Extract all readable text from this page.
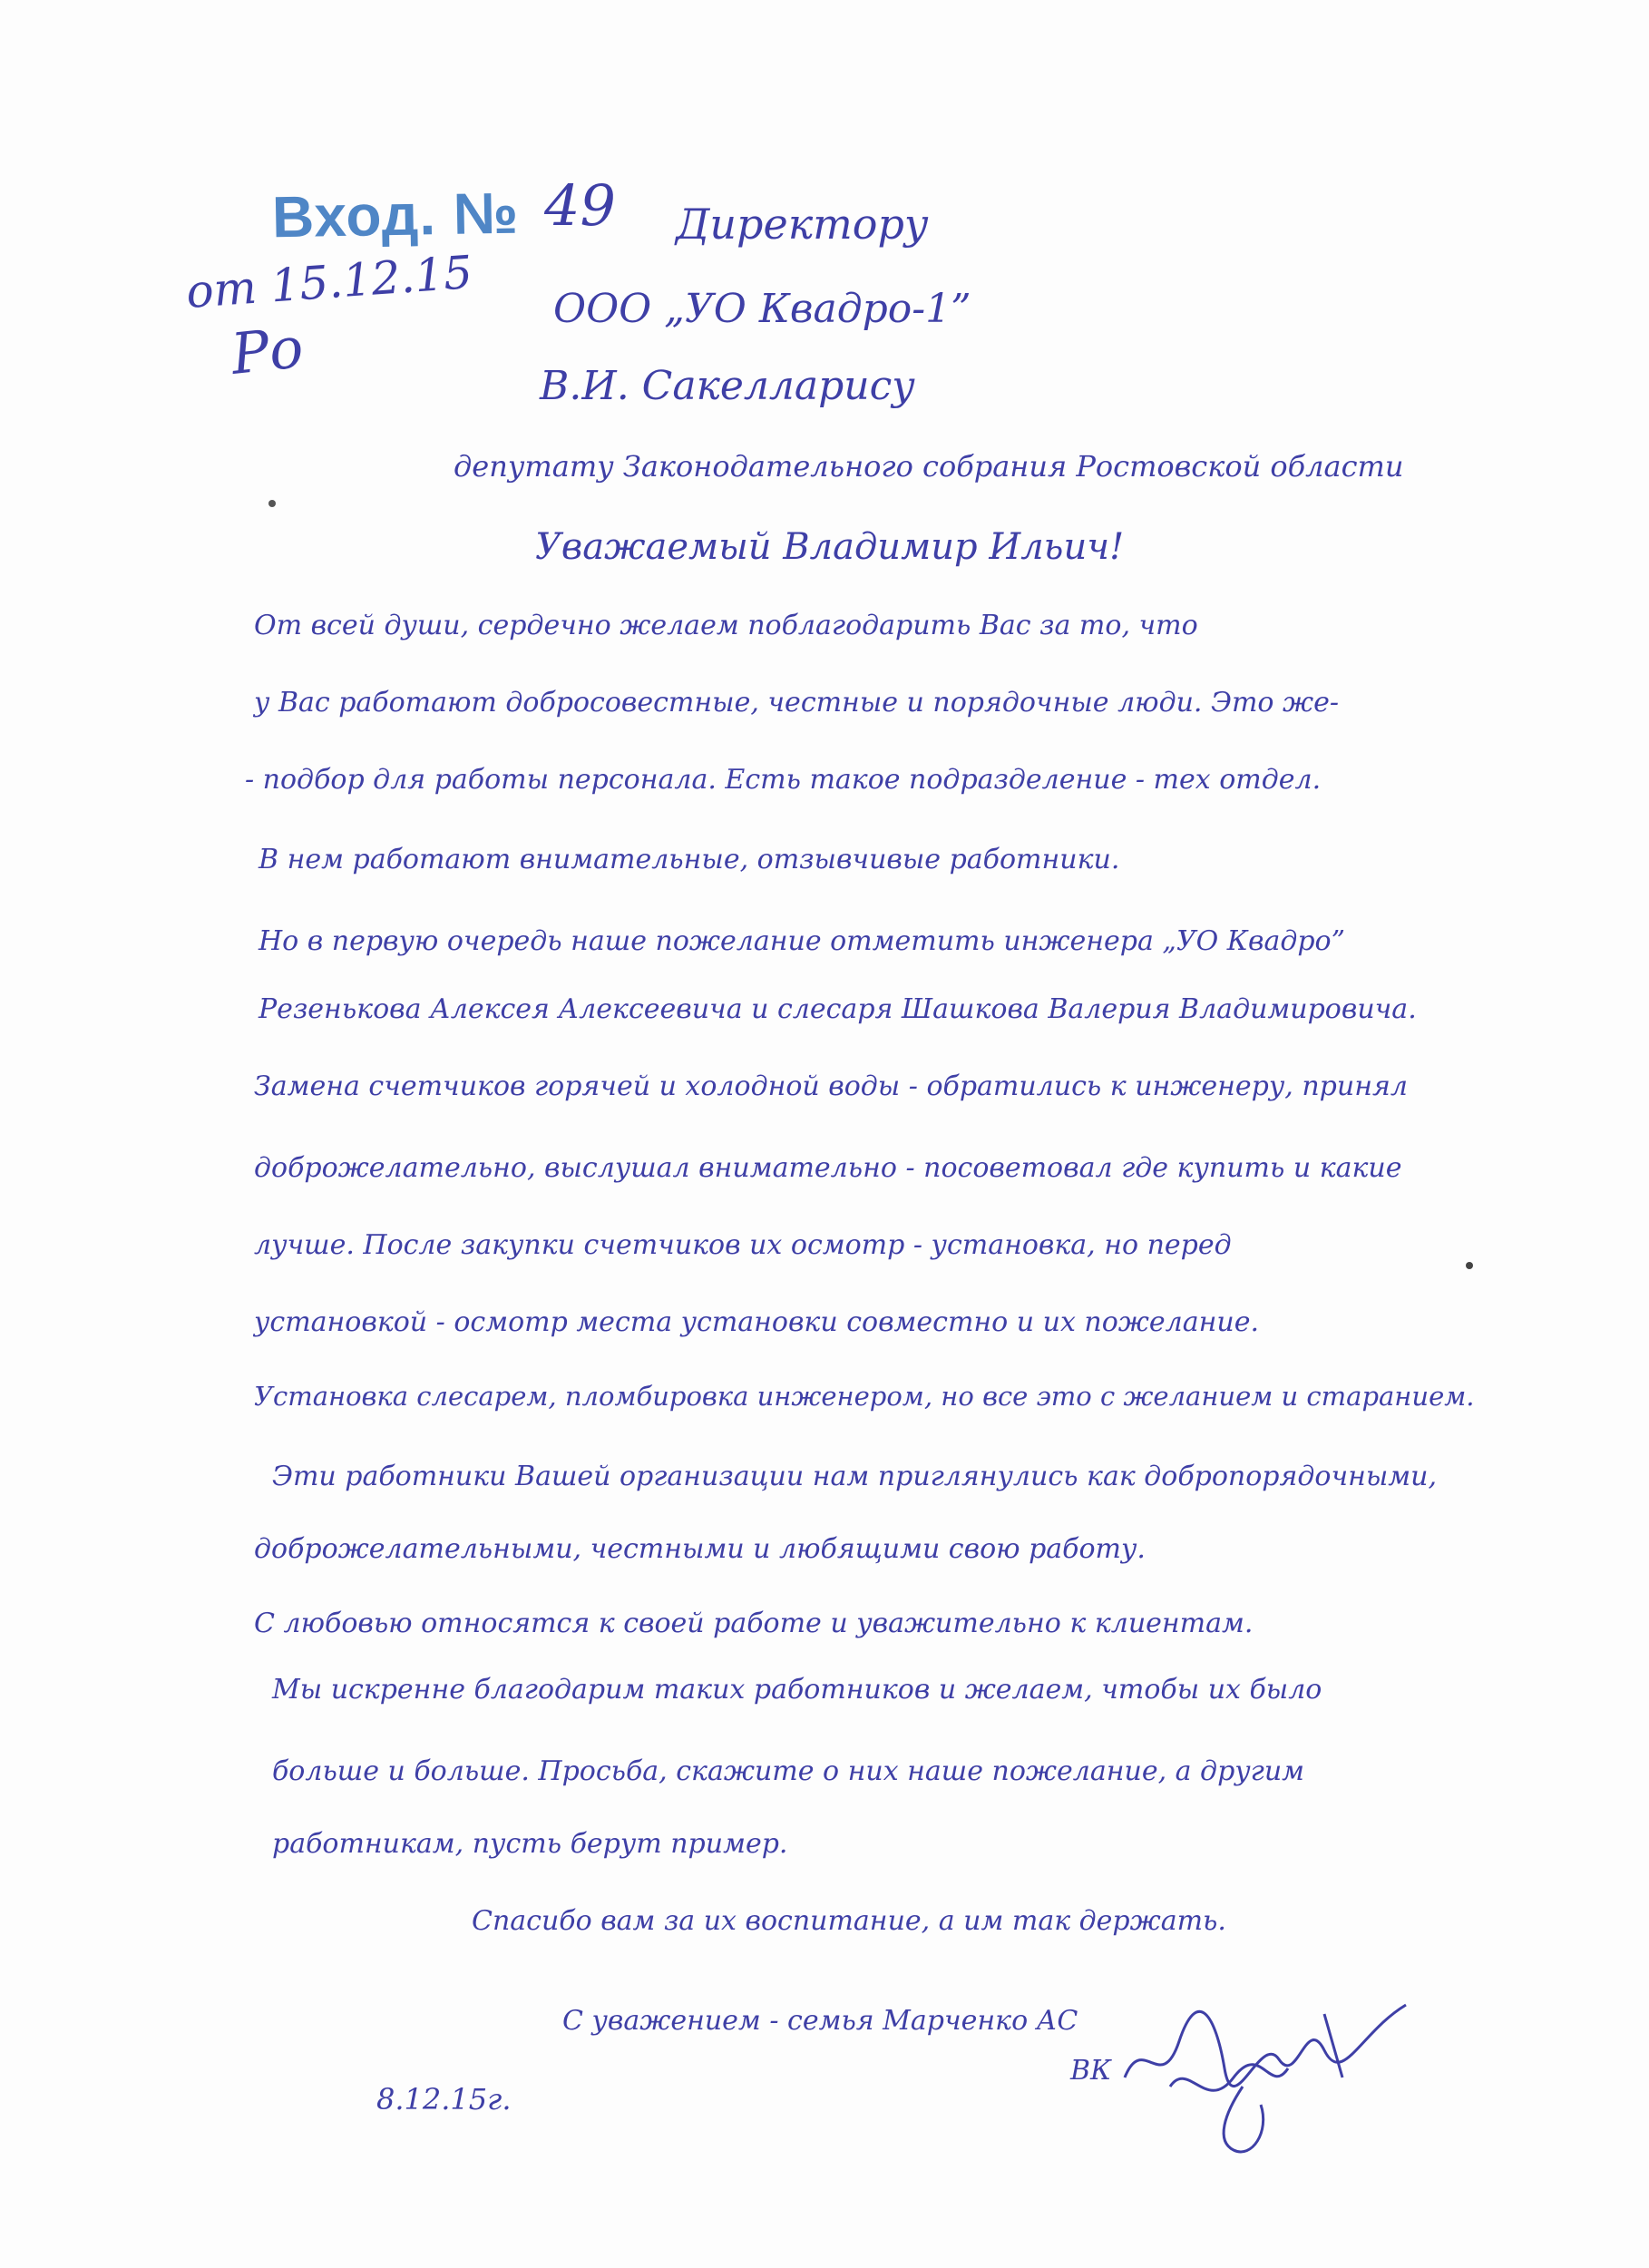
Вход. № 49
от 15.12.15
Ро
Директору
ООО „УО Квадро-1”
В.И. Сакелларису
депутату Законодательного собрания Ростовской области
Уважаемый Владимир Ильич!
От всей души, сердечно желаем поблагодарить Вас за то, что
у Вас работают добросовестные, честные и порядочные люди. Это же-
- подбор для работы персонала. Есть такое подразделение - тех отдел.
В нем работают внимательные, отзывчивые работники.
Но в первую очередь наше пожелание отметить инженера „УО Квадро”
Резенькова Алексея Алексеевича и слесаря Шашкова Валерия Владимировича.
Замена счетчиков горячей и холодной воды - обратились к инженеру, принял
доброжелательно, выслушал внимательно - посоветовал где купить и какие
лучше. После закупки счетчиков их осмотр - установка, но перед
установкой - осмотр места установки совместно и их пожелание.
Установка слесарем, пломбировка инженером, но все это с желанием и старанием.
Эти работники Вашей организации нам приглянулись как добропорядочными,
доброжелательными, честными и любящими свою работу.
С любовью относятся к своей работе и уважительно к клиентам.
Мы искренне благодарим таких работников и желаем, чтобы их было
больше и больше. Просьба, скажите о них наше пожелание, а другим
работникам, пусть берут пример.
Спасибо вам за их воспитание, а им так держать.
С уважением - семья Марченко АС
ВК
8.12.15г.
